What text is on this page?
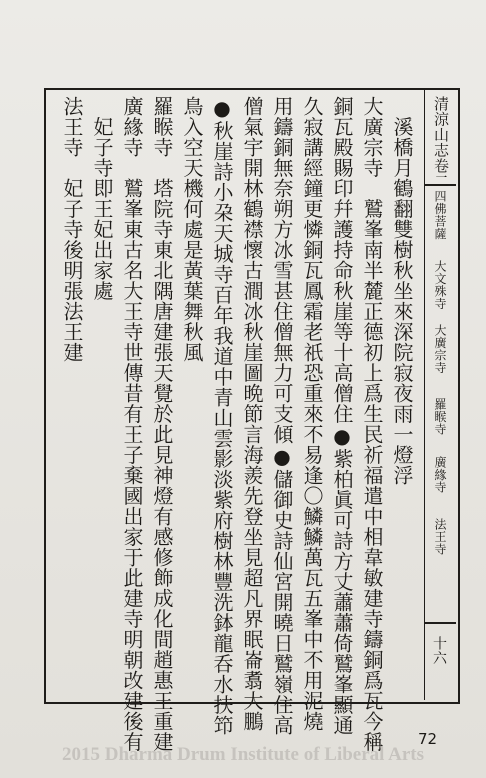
清涼山志卷二
四佛菩薩
大文殊寺
大廣宗寺
羅睺寺
廣緣寺
法王寺
十六
　溪橋月鶴翻雙樹秋坐來深院寂夜雨一燈浮
大廣宗寺　鷲峯南半麓正德初上爲生民祈福遣中相韋敏建寺鑄銅爲瓦今稱
銅瓦殿賜印幷護持命秋崖等十高僧住●紫柏眞可詩方丈蕭蕭倚鷲峯顯通
久寂講經鐘更憐銅瓦鳳霜老祇恐重來不易逢〇鱗鱗萬瓦五峯中不用泥燒
用鑄銅無奈朔方冰雪甚住僧無力可支傾●儲御史詩仙宮開曉日鷲嶺住高
僧氣宇開林鶴襟懷古澗冰秋崖圖晩節言海羨先登坐見超凡界眠崙翥大鵬
●秋崖詩小朶天城寺百年我道中青山雲影淡紫府樹林豐洗鉢龍呑水扶笻
鳥入空天機何處是黃葉舞秋風
羅睺寺　塔院寺東北隅唐建張天覺於此見神燈有感修飾成化間趙惠王重建
廣緣寺　鷲峯東古名大王寺世傳昔有王子棄國出家于此建寺明朝改建後有
　妃子寺即王妃出家處
法王寺　妃子寺後明張法王建
72
2015 Dharma Drum Institute of Liberal Arts
